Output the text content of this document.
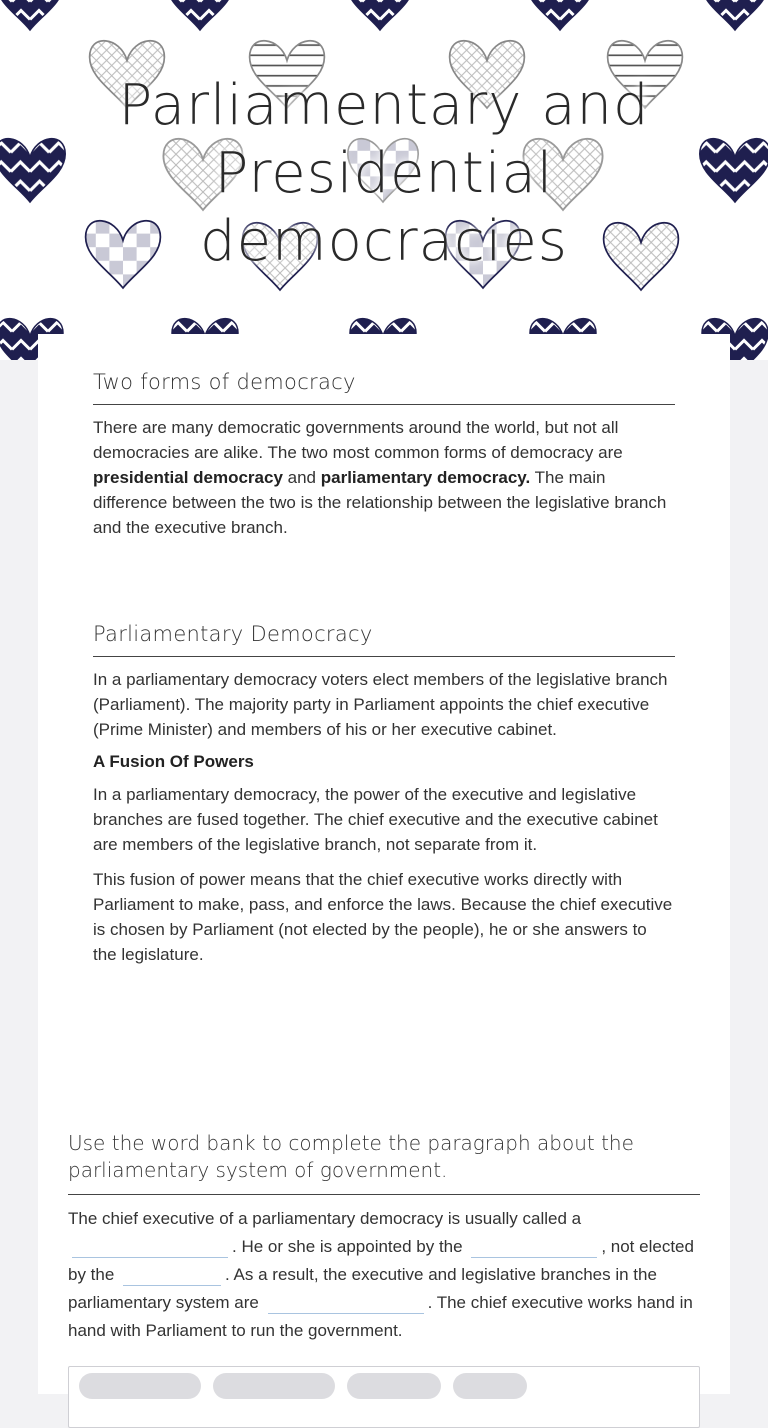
Parliamentary and Presidential democracies
Two forms of democracy

There are many democratic governments around the world, but not all democracies are alike. The two most common forms of democracy are presidential democracy and parliamentary democracy. The main difference between the two is the relationship between the legislative branch and the executive branch.

Parliamentary Democracy

In a parliamentary democracy voters elect members of the legislative branch (Parliament). The majority party in Parliament appoints the chief executive (Prime Minister) and members of his or her executive cabinet.

A Fusion Of Powers

In a parliamentary democracy, the power of the executive and legislative branches are fused together. The chief executive and the executive cabinet are members of the legislative branch, not separate from it.

This fusion of power means that the chief executive works directly with Parliament to make, pass, and enforce the laws. Because the chief executive is chosen by Parliament (not elected by the people), he or she answers to the legislature.

Use the word bank to complete the paragraph about the parliamentary system of government.
The chief executive of a parliamentary democracy is usually called a . He or she is appointed by the	, not elected by the	. As a result, the executive and legislative branches in the parliamentary system are	. The chief executive works hand in hand with Parliament to run the government.
